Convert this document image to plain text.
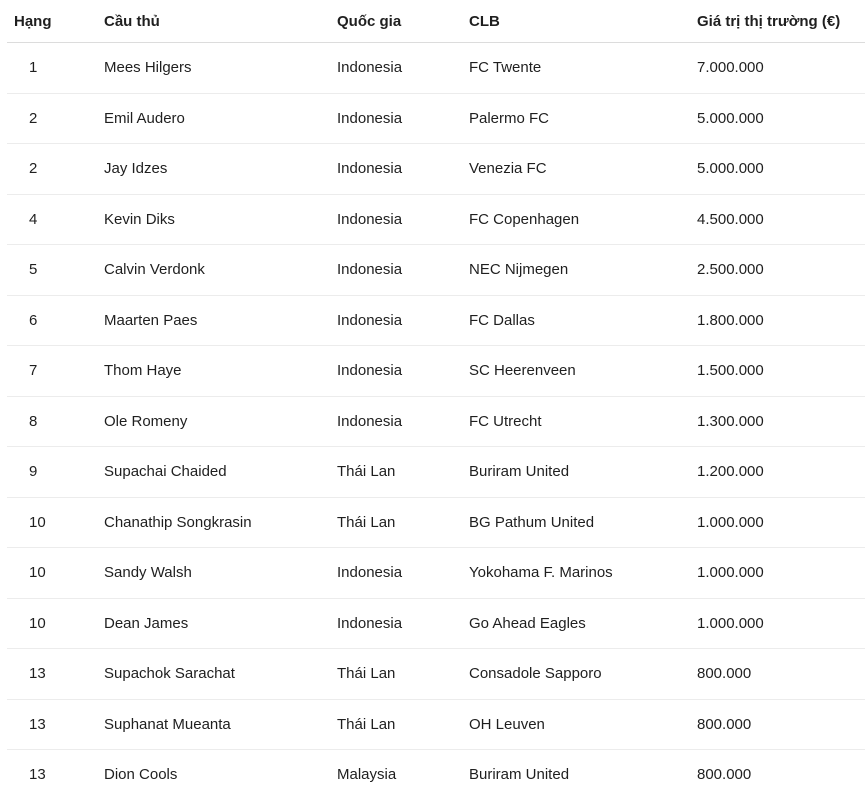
Hạng	Cầu thủ	Quốc gia	CLB	Giá trị thị trường (€)
1	Mees Hilgers	Indonesia	FC Twente	7.000.000
2	Emil Audero	Indonesia	Palermo FC	5.000.000
2	Jay Idzes	Indonesia	Venezia FC	5.000.000
4	Kevin Diks	Indonesia	FC Copenhagen	4.500.000
5	Calvin Verdonk	Indonesia	NEC Nijmegen	2.500.000
6	Maarten Paes	Indonesia	FC Dallas	1.800.000
7	Thom Haye	Indonesia	SC Heerenveen	1.500.000
8	Ole Romeny	Indonesia	FC Utrecht	1.300.000
9	Supachai Chaided	Thái Lan	Buriram United	1.200.000
10	Chanathip Songkrasin	Thái Lan	BG Pathum United	1.000.000
10	Sandy Walsh	Indonesia	Yokohama F. Marinos	1.000.000
10	Dean James	Indonesia	Go Ahead Eagles	1.000.000
13	Supachok Sarachat	Thái Lan	Consadole Sapporo	800.000
13	Suphanat Mueanta	Thái Lan	OH Leuven	800.000
13	Dion Cools	Malaysia	Buriram United	800.000
